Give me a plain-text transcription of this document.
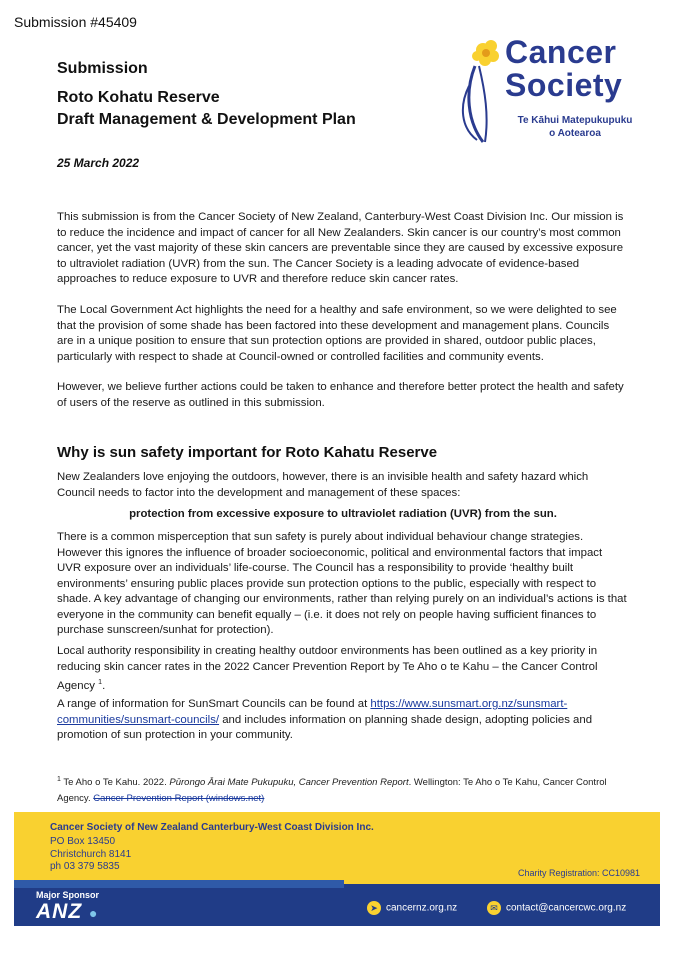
Submission #45409
Cancer
Society
Te Kāhui Matepukupuku
o Aotearoa
Submission
Roto Kohatu Reserve
Draft Management & Development Plan
25 March 2022
This submission is from the Cancer Society of New Zealand, Canterbury-West Coast Division Inc. Our mission is to reduce the incidence and impact of cancer for all New Zealanders. Skin cancer is our country’s most common cancer, yet the vast majority of these skin cancers are preventable since they are caused by excessive exposure to ultraviolet radiation (UVR) from the sun. The Cancer Society is a leading advocate of evidence-based approaches to reduce exposure to UVR and therefore reduce skin cancer rates.
The Local Government Act highlights the need for a healthy and safe environment, so we were delighted to see that the provision of some shade has been factored into these development and management plans. Councils are in a unique position to ensure that sun protection options are provided in shared, outdoor public places, particularly with respect to shade at Council-owned or controlled facilities and community events.
However, we believe further actions could be taken to enhance and therefore better protect the health and safety of users of the reserve as outlined in this submission.
Why is sun safety important for Roto Kahatu Reserve
New Zealanders love enjoying the outdoors, however, there is an invisible health and safety hazard which Council needs to factor into the development and management of these spaces:
protection from excessive exposure to ultraviolet radiation (UVR) from the sun.
There is a common misperception that sun safety is purely about individual behaviour change strategies. However this ignores the influence of broader socioeconomic, political and environmental factors that impact UVR exposure over an individuals’ life-course. The Council has a responsibility to provide ‘healthy built environments’ ensuring public places provide sun protection options to the public, especially with respect to shade. A key advantage of changing our environments, rather than relying purely on an individual’s actions is that everyone in the community can benefit equally – (i.e. it does not rely on people having sufficient finances to purchase sunscreen/sunhat for protection).
Local authority responsibility in creating healthy outdoor environments has been outlined as a key priority in reducing skin cancer rates in the 2022 Cancer Prevention Report by Te Aho o te Kahu – the Cancer Control Agency $^1$.
A range of information for SunSmart Councils can be found at https://www.sunsmart.org.nz/sunsmart-communities/sunsmart-councils/ and includes information on planning shade design, adopting policies and promotion of sun protection in your community.
$^1$ Te Aho o Te Kahu. 2022. Pūrongo Ārai Mate Pukupuku, Cancer Prevention Report. Wellington: Te Aho o Te Kahu, Cancer Control Agency. Cancer Prevention Report (windows.net)
Cancer Society of New Zealand Canterbury-West Coast Division Inc.
PO Box 13450
Christchurch 8141
ph 03 379 5835
Charity Registration: CC10981
Major Sponsor
ANZ ●	➤ cancernz.org.nz	✉ contact@cancercwc.org.nz
